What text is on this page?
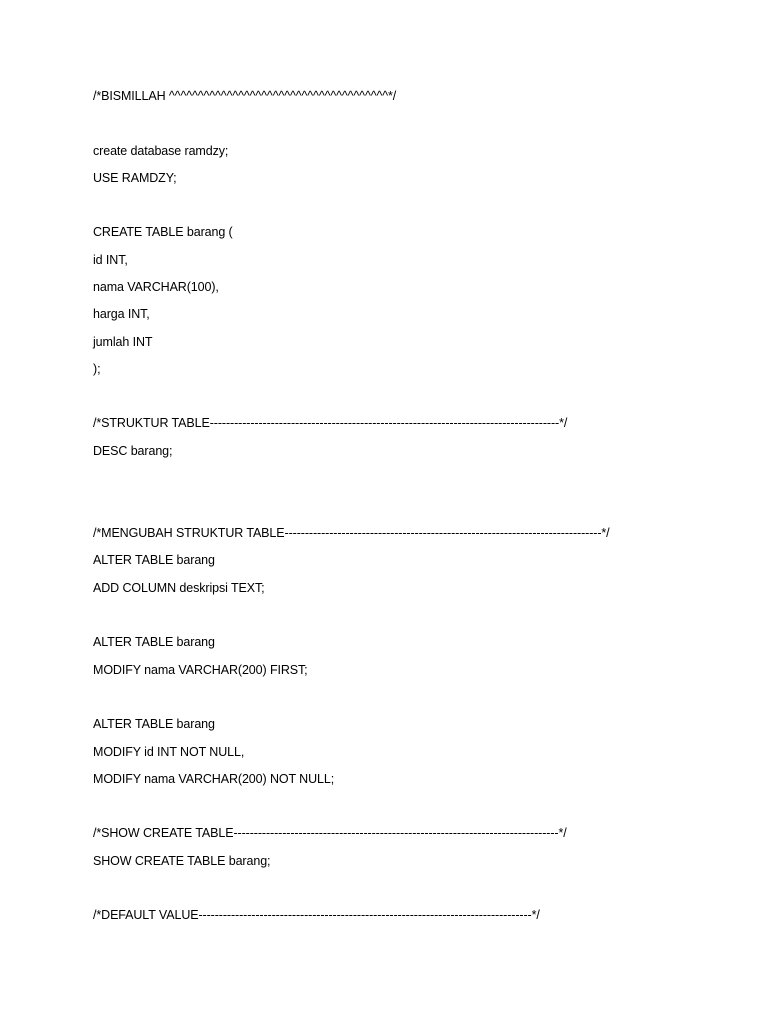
/*BISMILLAH ^^^^^^^^^^^^^^^^^^^^^^^^^^^^^^^^^^^^^^*/
create database ramdzy;
USE RAMDZY;
CREATE TABLE barang (
id INT,
nama VARCHAR(100),
harga INT,
jumlah INT
);
/*STRUKTUR TABLE--------------------------------------------------------------------------------------*/
DESC barang;
/*MENGUBAH STRUKTUR TABLE------------------------------------------------------------------------------*/
ALTER TABLE barang
ADD COLUMN deskripsi TEXT;
ALTER TABLE barang
MODIFY nama VARCHAR(200) FIRST;
ALTER TABLE barang
MODIFY id INT NOT NULL,
MODIFY nama VARCHAR(200) NOT NULL;
/*SHOW CREATE TABLE--------------------------------------------------------------------------------*/
SHOW CREATE TABLE barang;
/*DEFAULT VALUE----------------------------------------------------------------------------------*/
